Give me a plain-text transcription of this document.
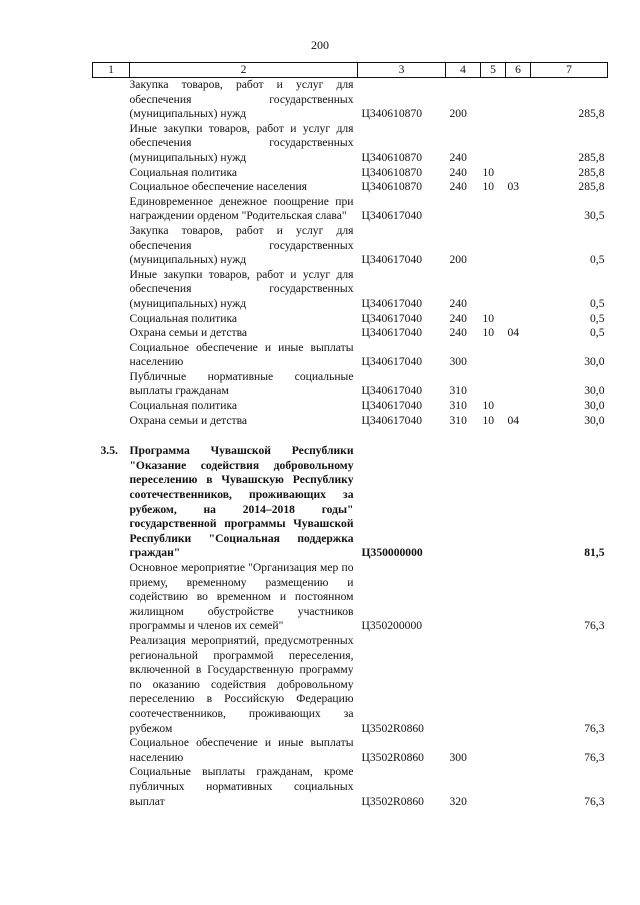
200
1	2	3	4	5	6	7
	Закупка товаров, работ и услуг для обеспечения государственных (муниципальных) нужд	Ц340610870	200			285,8
	Иные закупки товаров, работ и услуг для обеспечения государственных (муниципальных) нужд	Ц340610870	240			285,8
	Социальная политика	Ц340610870	240	10		285,8
	Социальное обеспечение населения	Ц340610870	240	10	03	285,8
	Единовременное денежное поощрение при награждении орденом "Родительская слава"	Ц340617040				30,5
	Закупка товаров, работ и услуг для обеспечения государственных (муниципальных) нужд	Ц340617040	200			0,5
	Иные закупки товаров, работ и услуг для обеспечения государственных (муниципальных) нужд	Ц340617040	240			0,5
	Социальная политика	Ц340617040	240	10		0,5
	Охрана семьи и детства	Ц340617040	240	10	04	0,5
	Социальное обеспечение и иные выплаты населению	Ц340617040	300			30,0
	Публичные нормативные социальные выплаты гражданам	Ц340617040	310			30,0
	Социальная политика	Ц340617040	310	10		30,0
	Охрана семьи и детства	Ц340617040	310	10	04	30,0

3.5.	Программа Чувашской Республики "Оказание содействия добровольному переселению в Чувашскую Республику соотечественников, проживающих за рубежом, на 2014–2018 годы" государственной программы Чувашской Республики "Социальная поддержка граждан"	Ц350000000				81,5
	Основное мероприятие "Организация мер по приему, временному размещению и содействию во временном и постоянном жилищном обустройстве участников программы и членов их семей"	Ц350200000				76,3
	Реализация мероприятий, предусмотренных региональной программой переселения, включенной в Государственную программу по оказанию содействия добровольному переселению в Российскую Федерацию соотечественников, проживающих за рубежом	Ц3502R0860				76,3
	Социальное обеспечение и иные выплаты населению	Ц3502R0860	300			76,3
	Социальные выплаты гражданам, кроме публичных нормативных социальных выплат	Ц3502R0860	320			76,3
